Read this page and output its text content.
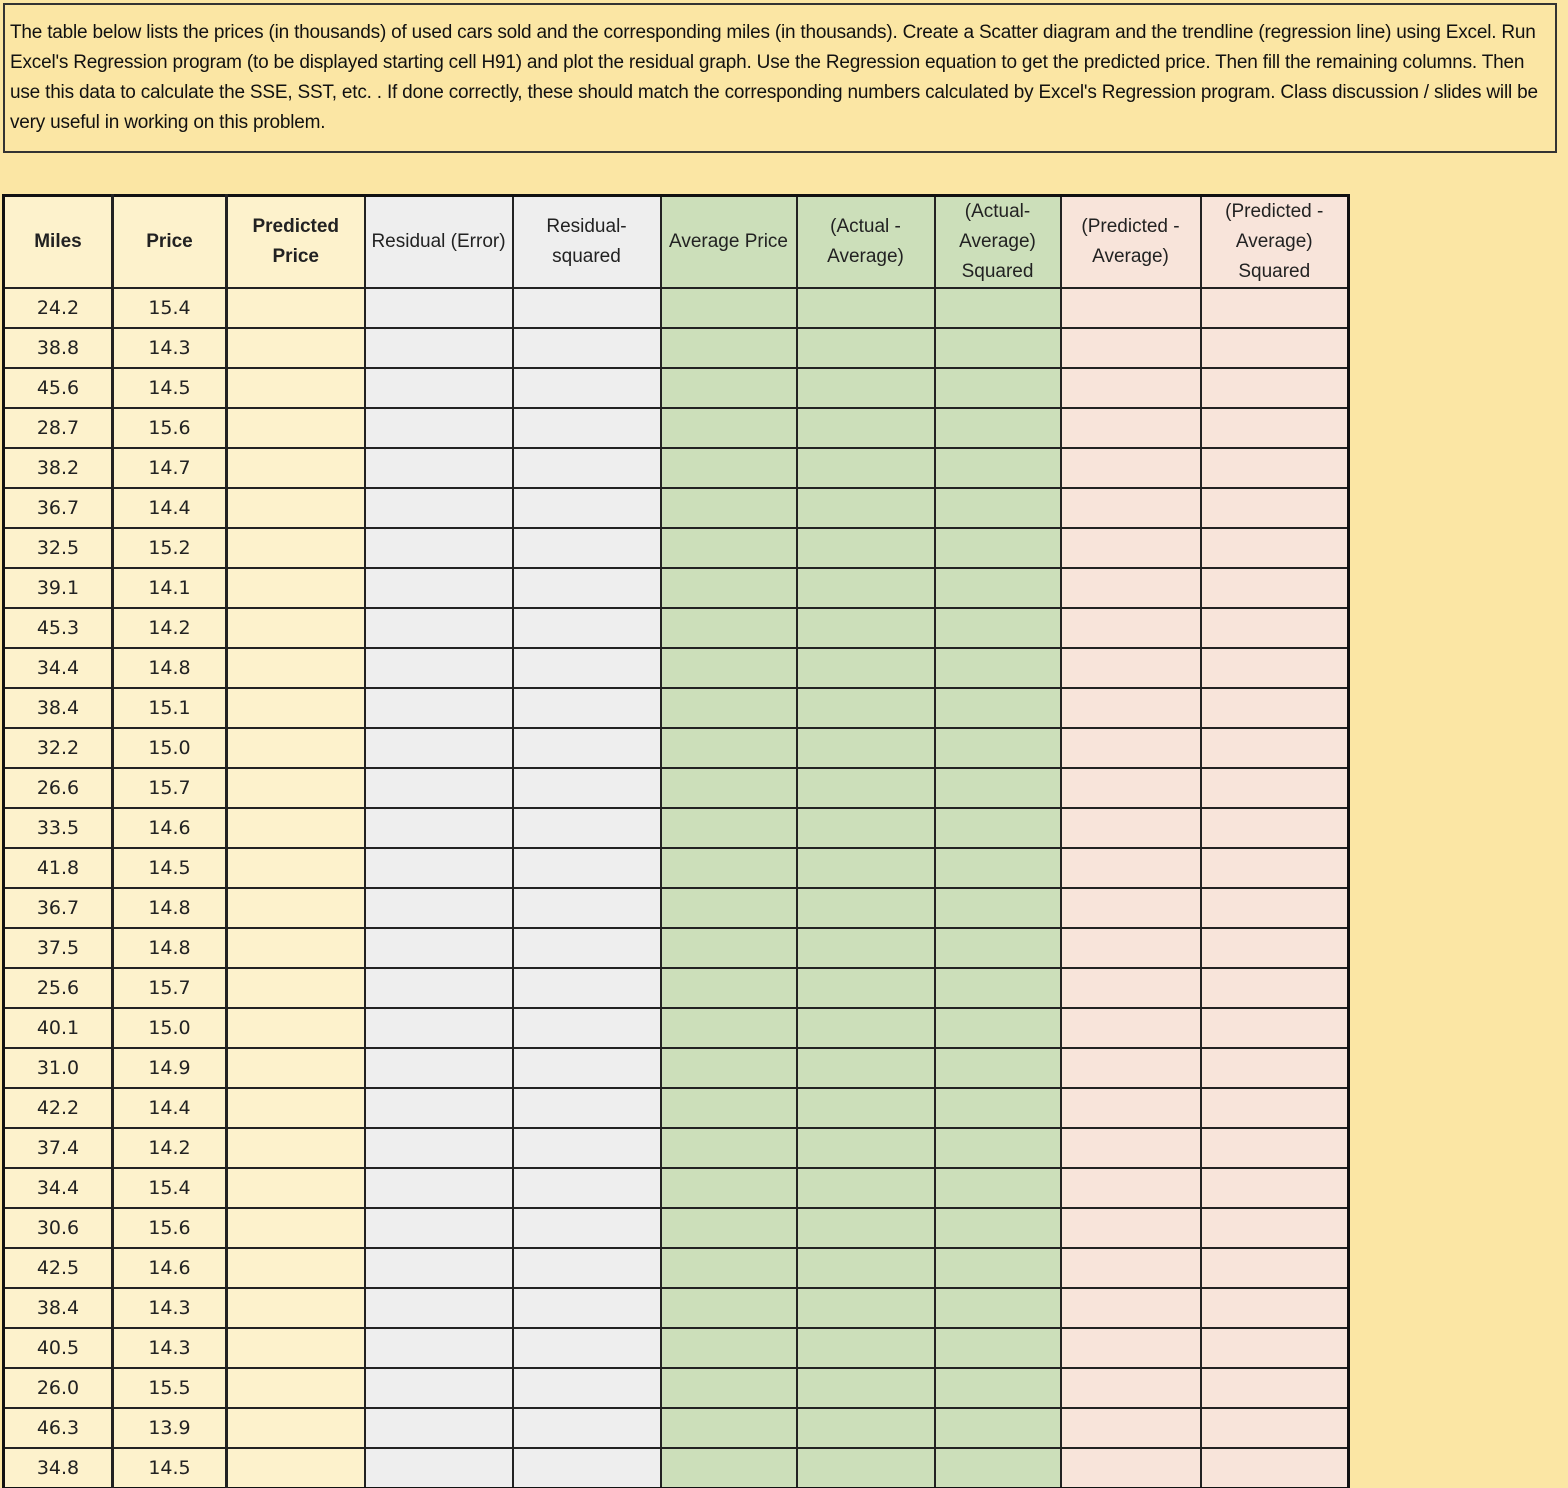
The table below lists the prices (in thousands) of used cars sold and the corresponding miles (in thousands). Create a Scatter diagram and the trendline (regression line) using Excel. Run Excel's Regression program (to be displayed starting cell H91) and plot the residual graph. Use the Regression equation to get the predicted price. Then fill the remaining columns. Then use this data to calculate the SSE, SST, etc. . If done correctly, these should match the corresponding numbers calculated by Excel's Regression program. Class discussion / slides will be very useful in working on this problem.
Miles	Price	Predicted Price	Residual (Error)	Residual-squared	Average Price	(Actual - Average)	(Actual-Average) Squared	(Predicted - Average)	(Predicted - Average) Squared
24.2	15.4								
38.8	14.3								
45.6	14.5								
28.7	15.6								
38.2	14.7								
36.7	14.4								
32.5	15.2								
39.1	14.1								
45.3	14.2								
34.4	14.8								
38.4	15.1								
32.2	15.0								
26.6	15.7								
33.5	14.6								
41.8	14.5								
36.7	14.8								
37.5	14.8								
25.6	15.7								
40.1	15.0								
31.0	14.9								
42.2	14.4								
37.4	14.2								
34.4	15.4								
30.6	15.6								
42.5	14.6								
38.4	14.3								
40.5	14.3								
26.0	15.5								
46.3	13.9								
34.8	14.5								
